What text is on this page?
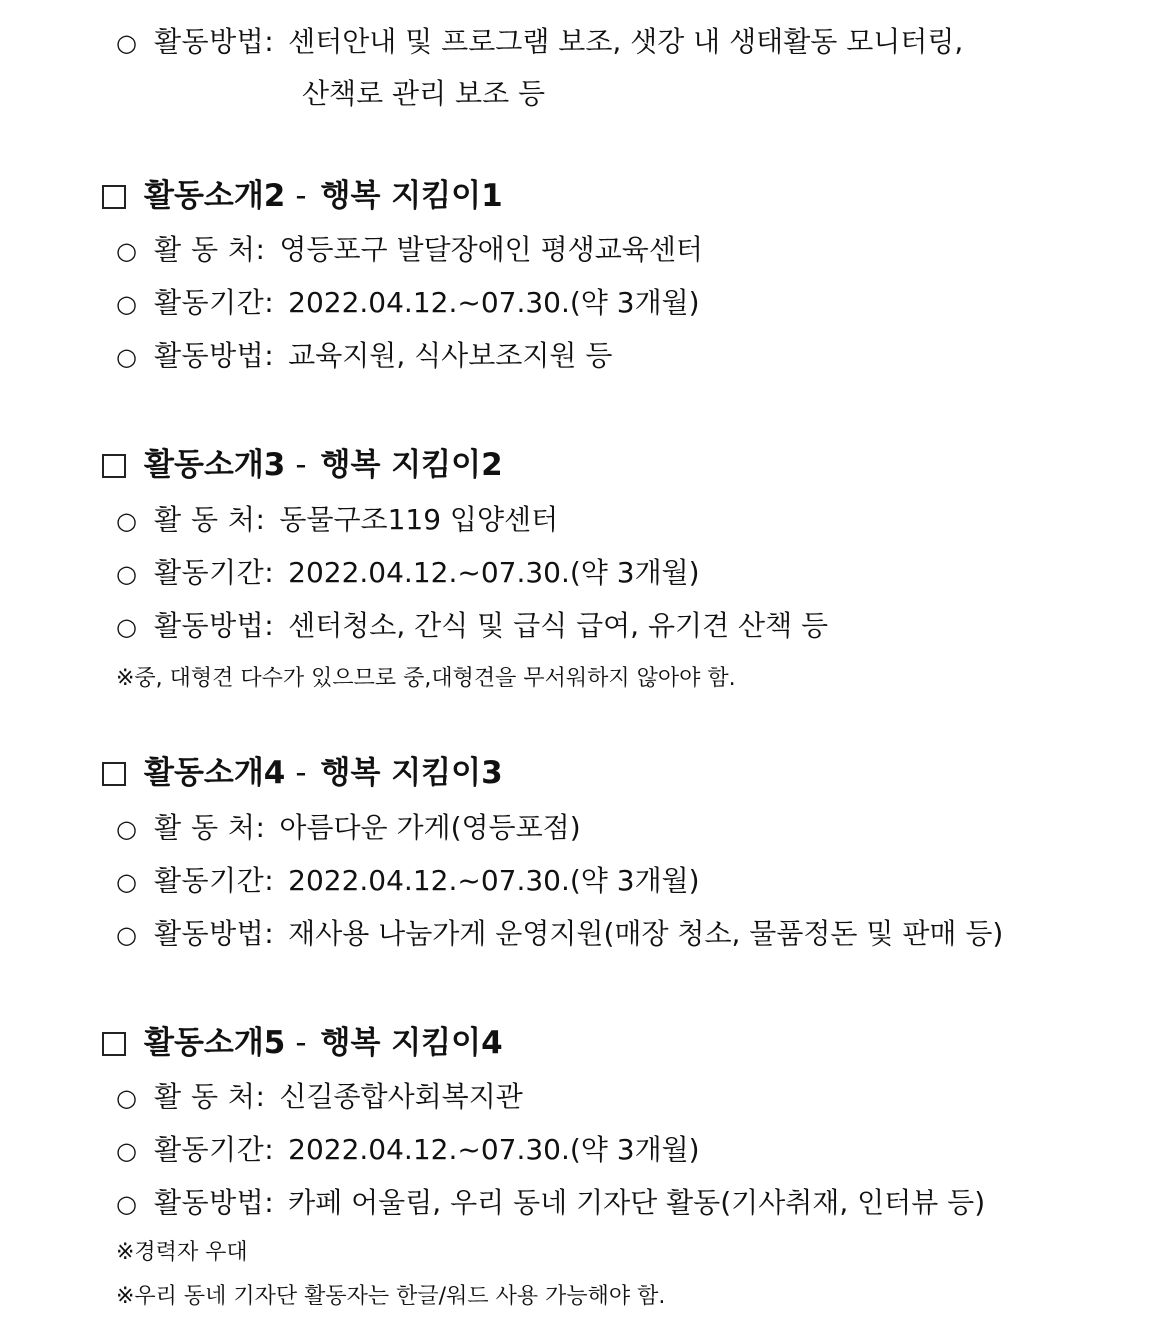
○ 활동방법: 센터안내 및 프로그램 보조, 샛강 내 생태활동 모니터링,
산책로 관리 보조 등
활동소개2 - 행복 지킴이1
○ 활 동 처: 영등포구 발달장애인 평생교육센터
○ 활동기간: 2022.04.12.~07.30.(약 3개월)
○ 활동방법: 교육지원, 식사보조지원 등
활동소개3 - 행복 지킴이2
○ 활 동 처: 동물구조119 입양센터
○ 활동기간: 2022.04.12.~07.30.(약 3개월)
○ 활동방법: 센터청소, 간식 및 급식 급여, 유기견 산책 등
※중, 대형견 다수가 있으므로 중,대형견을 무서워하지 않아야 함.
활동소개4 - 행복 지킴이3
○ 활 동 처: 아름다운 가게(영등포점)
○ 활동기간: 2022.04.12.~07.30.(약 3개월)
○ 활동방법: 재사용 나눔가게 운영지원(매장 청소, 물품정돈 및 판매 등)
활동소개5 - 행복 지킴이4
○ 활 동 처: 신길종합사회복지관
○ 활동기간: 2022.04.12.~07.30.(약 3개월)
○ 활동방법: 카페 어울림, 우리 동네 기자단 활동(기사취재, 인터뷰 등)
※경력자 우대
※우리 동네 기자단 활동자는 한글/워드 사용 가능해야 함.
